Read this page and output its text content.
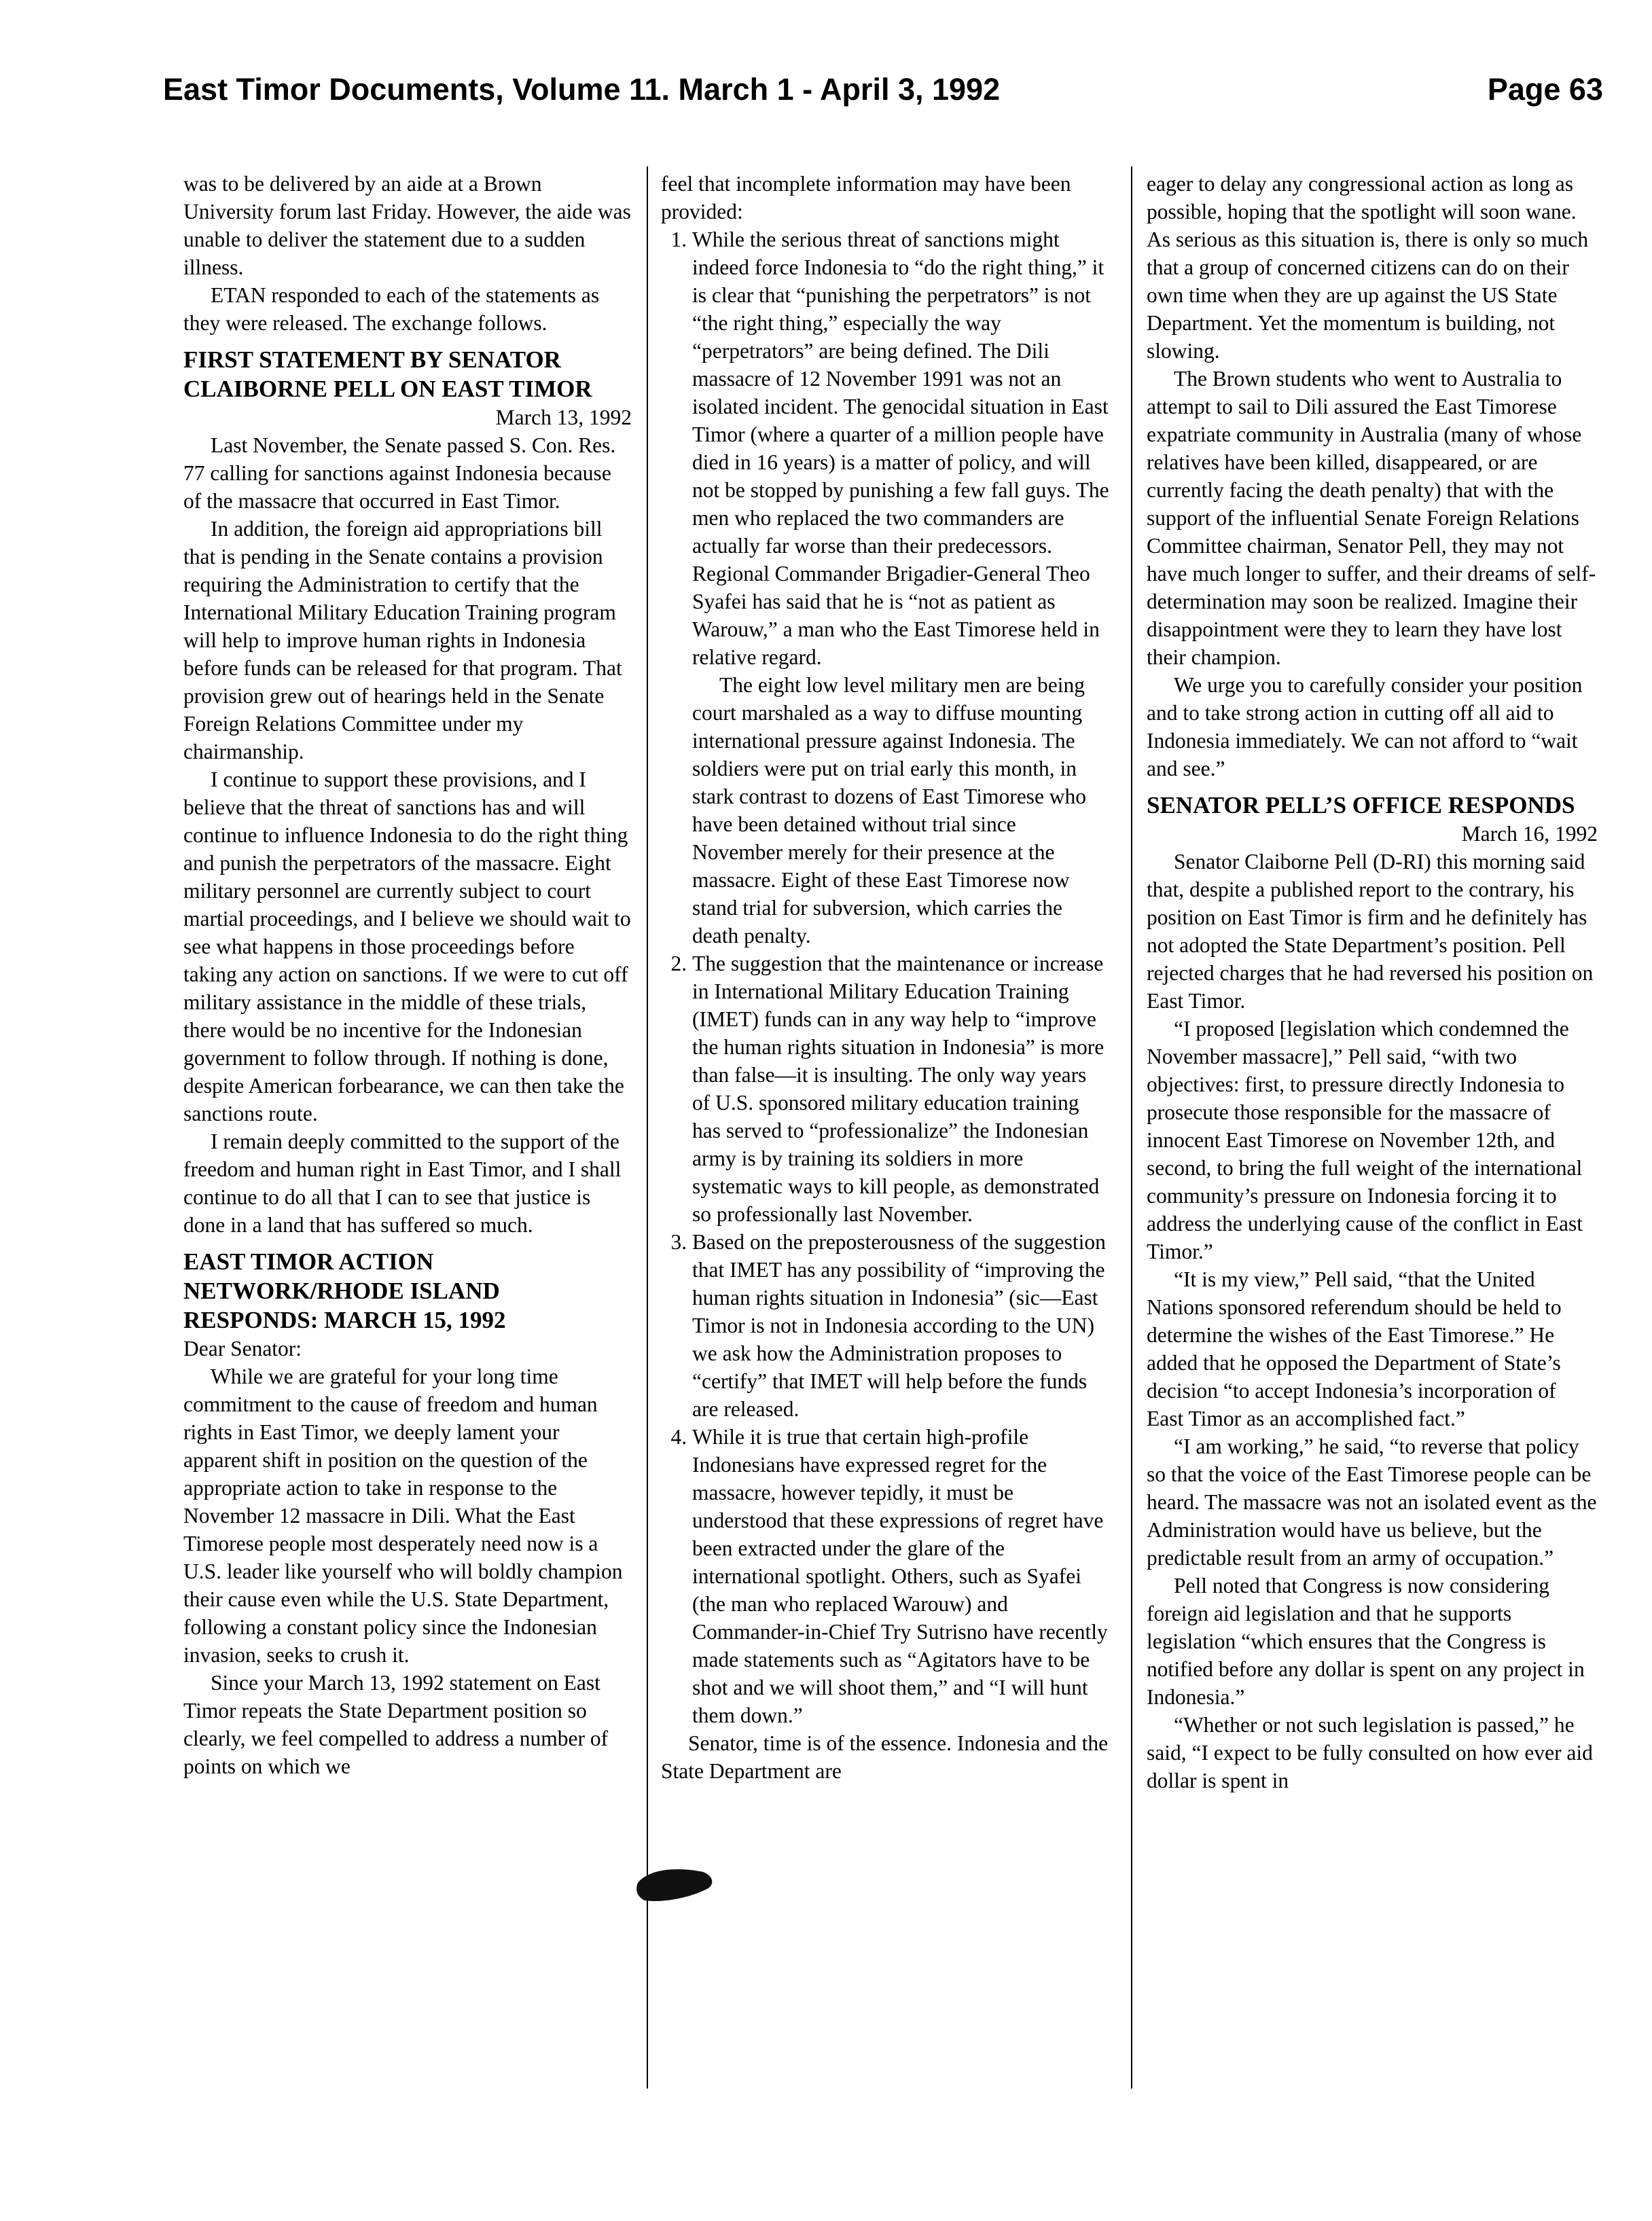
East Timor Documents, Volume 11. March 1 - April 3, 1992	Page 63

was to be delivered by an aide at a Brown University forum last Friday. However, the aide was unable to deliver the statement due to a sudden illness.

ETAN responded to each of the statements as they were released. The exchange follows.

FIRST STATEMENT BY SENATOR CLAIBORNE PELL ON EAST TIMOR

March 13, 1992

Last November, the Senate passed S. Con. Res. 77 calling for sanctions against Indonesia because of the massacre that occurred in East Timor.

In addition, the foreign aid appropriations bill that is pending in the Senate contains a provision requiring the Administration to certify that the International Military Education Training program will help to improve human rights in Indonesia before funds can be released for that program. That provision grew out of hearings held in the Senate Foreign Relations Committee under my chairmanship.

I continue to support these provisions, and I believe that the threat of sanctions has and will continue to influence Indonesia to do the right thing and punish the perpetrators of the massacre. Eight military personnel are currently subject to court martial proceedings, and I believe we should wait to see what happens in those proceedings before taking any action on sanctions. If we were to cut off military assistance in the middle of these trials, there would be no incentive for the Indonesian government to follow through. If nothing is done, despite American forbearance, we can then take the sanctions route.

I remain deeply committed to the support of the freedom and human right in East Timor, and I shall continue to do all that I can to see that justice is done in a land that has suffered so much.

EAST TIMOR ACTION NETWORK/RHODE ISLAND RESPONDS: MARCH 15, 1992

Dear Senator:

While we are grateful for your long time commitment to the cause of freedom and human rights in East Timor, we deeply lament your apparent shift in position on the question of the appropriate action to take in response to the November 12 massacre in Dili. What the East Timorese people most desperately need now is a U.S. leader like yourself who will boldly champion their cause even while the U.S. State Department, following a constant policy since the Indonesian invasion, seeks to crush it.

Since your March 13, 1992 statement on East Timor repeats the State Department position so clearly, we feel compelled to address a number of points on which we

feel that incomplete information may have been provided:

1. While the serious threat of sanctions might indeed force Indonesia to “do the right thing,” it is clear that “punishing the perpetrators” is not “the right thing,” especially the way “perpetrators” are being defined. The Dili massacre of 12 November 1991 was not an isolated incident. The genocidal situation in East Timor (where a quarter of a million people have died in 16 years) is a matter of policy, and will not be stopped by punishing a few fall guys. The men who replaced the two commanders are actually far worse than their predecessors. Regional Commander Brigadier-General Theo Syafei has said that he is “not as patient as Warouw,” a man who the East Timorese held in relative regard.

The eight low level military men are being court marshaled as a way to diffuse mounting international pressure against Indonesia. The soldiers were put on trial early this month, in stark contrast to dozens of East Timorese who have been detained without trial since November merely for their presence at the massacre. Eight of these East Timorese now stand trial for subversion, which carries the death penalty.

2. The suggestion that the maintenance or increase in International Military Education Training (IMET) funds can in any way help to “improve the human rights situation in Indonesia” is more than false—it is insulting. The only way years of U.S. sponsored military education training has served to “professionalize” the Indonesian army is by training its soldiers in more systematic ways to kill people, as demonstrated so professionally last November.

3. Based on the preposterousness of the suggestion that IMET has any possibility of “improving the human rights situation in Indonesia” (sic—East Timor is not in Indonesia according to the UN) we ask how the Administration proposes to “certify” that IMET will help before the funds are released.

4. While it is true that certain high-profile Indonesians have expressed regret for the massacre, however tepidly, it must be understood that these expressions of regret have been extracted under the glare of the international spotlight. Others, such as Syafei (the man who replaced Warouw) and Commander-in-Chief Try Sutrisno have recently made statements such as “Agitators have to be shot and we will shoot them,” and “I will hunt them down.”

Senator, time is of the essence. Indonesia and the State Department are

eager to delay any congressional action as long as possible, hoping that the spotlight will soon wane. As serious as this situation is, there is only so much that a group of concerned citizens can do on their own time when they are up against the US State Department. Yet the momentum is building, not slowing.

The Brown students who went to Australia to attempt to sail to Dili assured the East Timorese expatriate community in Australia (many of whose relatives have been killed, disappeared, or are currently facing the death penalty) that with the support of the influential Senate Foreign Relations Committee chairman, Senator Pell, they may not have much longer to suffer, and their dreams of self-determination may soon be realized. Imagine their disappointment were they to learn they have lost their champion.

We urge you to carefully consider your position and to take strong action in cutting off all aid to Indonesia immediately. We can not afford to “wait and see.”

SENATOR PELL’S OFFICE RESPONDS

March 16, 1992

Senator Claiborne Pell (D-RI) this morning said that, despite a published report to the contrary, his position on East Timor is firm and he definitely has not adopted the State Department’s position. Pell rejected charges that he had reversed his position on East Timor.

“I proposed [legislation which condemned the November massacre],” Pell said, “with two objectives: first, to pressure directly Indonesia to prosecute those responsible for the massacre of innocent East Timorese on November 12th, and second, to bring the full weight of the international community’s pressure on Indonesia forcing it to address the underlying cause of the conflict in East Timor.”

“It is my view,” Pell said, “that the United Nations sponsored referendum should be held to determine the wishes of the East Timorese.” He added that he opposed the Department of State’s decision “to accept Indonesia’s incorporation of East Timor as an accomplished fact.”

“I am working,” he said, “to reverse that policy so that the voice of the East Timorese people can be heard. The massacre was not an isolated event as the Administration would have us believe, but the predictable result from an army of occupation.”

Pell noted that Congress is now considering foreign aid legislation and that he supports legislation “which ensures that the Congress is notified before any dollar is spent on any project in Indonesia.”

“Whether or not such legislation is passed,” he said, “I expect to be fully consulted on how ever aid dollar is spent in
